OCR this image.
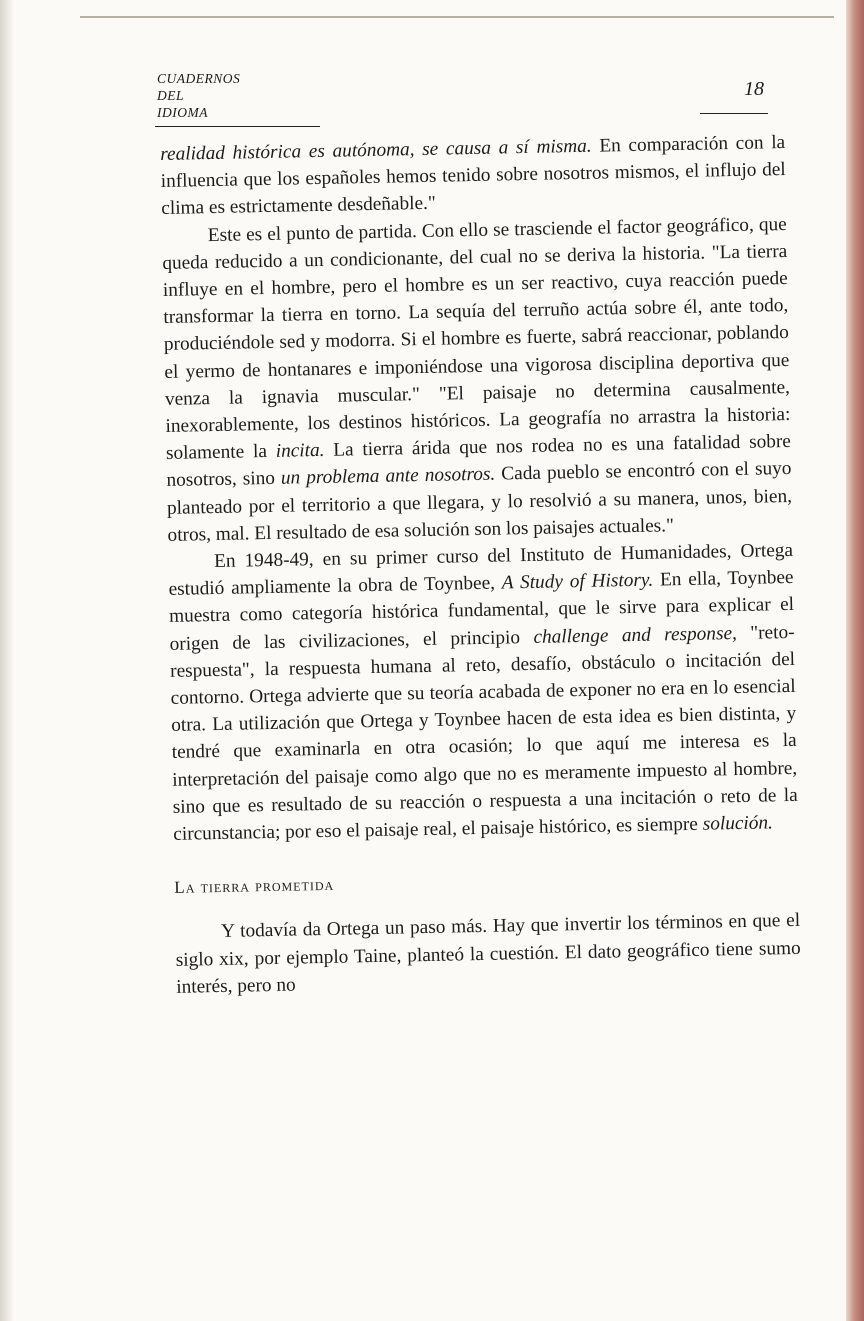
CUADERNOS
DEL
IDIOMA
18

realidad histórica es autónoma, se causa a sí misma. En comparación con la influencia que los españoles hemos tenido sobre nosotros mismos, el influjo del clima es estrictamente desdeñable."

Este es el punto de partida. Con ello se trasciende el factor geográfico, que queda reducido a un condicionante, del cual no se deriva la historia. "La tierra influye en el hombre, pero el hombre es un ser reactivo, cuya reacción puede transformar la tierra en torno. La sequía del terruño actúa sobre él, ante todo, produciéndole sed y modorra. Si el hombre es fuerte, sabrá reaccionar, poblando el yermo de hontanares e imponiéndose una vigorosa disciplina deportiva que venza la ignavia muscular." "El paisaje no determina causalmente, inexorablemente, los destinos históricos. La geografía no arrastra la historia: solamente la incita. La tierra árida que nos rodea no es una fatalidad sobre nosotros, sino un problema ante nosotros. Cada pueblo se encontró con el suyo planteado por el territorio a que llegara, y lo resolvió a su manera, unos, bien, otros, mal. El resultado de esa solución son los paisajes actuales."

En 1948-49, en su primer curso del Instituto de Humanidades, Ortega estudió ampliamente la obra de Toynbee, A Study of History. En ella, Toynbee muestra como categoría histórica fundamental, que le sirve para explicar el origen de las civilizaciones, el principio challenge and response, "reto-respuesta", la respuesta humana al reto, desafío, obstáculo o incitación del contorno. Ortega advierte que su teoría acabada de exponer no era en lo esencial otra. La utilización que Ortega y Toynbee hacen de esta idea es bien distinta, y tendré que examinarla en otra ocasión; lo que aquí me interesa es la interpretación del paisaje como algo que no es meramente impuesto al hombre, sino que es resultado de su reacción o respuesta a una incitación o reto de la circunstancia; por eso el paisaje real, el paisaje histórico, es siempre solución.

La tierra prometida

Y todavía da Ortega un paso más. Hay que invertir los términos en que el siglo xix, por ejemplo Taine, planteó la cuestión. El dato geográfico tiene sumo interés, pero no
